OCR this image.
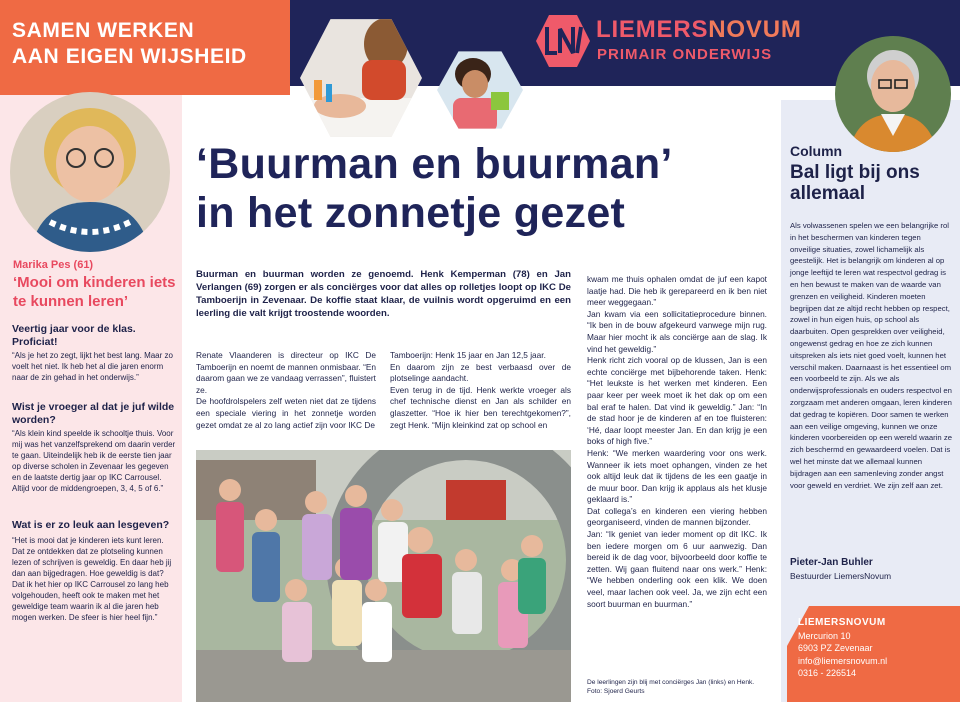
SAMEN WERKEN
AAN EIGEN WIJSHEID
LIEMERSNOVUM
PRIMAIR ONDERWIJS
Marika Pes (61)
‘Mooi om kinderen iets te kunnen leren’
Veertig jaar voor de klas. Proficiat!
“Als je het zo zegt, lijkt het best lang. Maar zo voelt het niet. Ik heb het al die jaren enorm naar de zin gehad in het onderwijs.”
Wist je vroeger al dat je juf wilde worden?
“Als klein kind speelde ik schooltje thuis. Voor mij was het vanzelfsprekend om daarin verder te gaan. Uiteindelijk heb ik de eerste tien jaar op diverse scholen in Zevenaar les gegeven en de laatste dertig jaar op IKC Carrousel. Altijd voor de middengroepen, 3, 4, 5 of 6.”
Wat is er zo leuk aan lesgeven?
“Het is mooi dat je kinderen iets kunt leren. Dat ze ontdekken dat ze plotseling kunnen lezen of schrijven is geweldig. En daar heb jij dan aan bijgedragen. Hoe geweldig is dat? Dat ik het hier op IKC Carrousel zo lang heb volgehouden, heeft ook te maken met het geweldige team waarin ik al die jaren heb mogen werken. De sfeer is hier heel fijn.”
‘Buurman en buurman’
in het zonnetje gezet
Buurman en buurman worden ze genoemd. Henk Kemperman (78) en Jan Verlangen (69) zorgen er als conciërges voor dat alles op rolletjes loopt op IKC De Tamboerijn in Zevenaar. De koffie staat klaar, de vuilnis wordt opgeruimd en een leerling die valt krijgt troostende woorden.
Renate Vlaanderen is directeur op IKC De Tamboerijn en noemt de mannen onmisbaar. “En daarom gaan we ze vandaag verrassen”, fluistert ze.
De hoofdrolspelers zelf weten niet dat ze tijdens een speciale viering in het zonnetje worden gezet omdat ze al zo lang actief zijn voor IKC De
Tamboerijn: Henk 15 jaar en Jan 12,5 jaar.
En daarom zijn ze best verbaasd over de plotselinge aandacht.
Even terug in de tijd. Henk werkte vroeger als chef technische dienst en Jan als schilder en glaszetter. “Hoe ik hier ben terechtgekomen?”, zegt Henk. “Mijn kleinkind zat op school en
kwam me thuis ophalen omdat de juf een kapot laatje had. Die heb ik gerepareerd en ik ben niet meer weggegaan.”
Jan kwam via een sollicitatieprocedure binnen. “Ik ben in de bouw afgekeurd vanwege mijn rug. Maar hier mocht ik als conciërge aan de slag. Ik vind het geweldig.”
Henk richt zich vooral op de klussen, Jan is een echte conciërge met bijbehorende taken. Henk: “Het leukste is het werken met kinderen. Een paar keer per week moet ik het dak op om een bal eraf te halen. Dat vind ik geweldig.” Jan: “In de stad hoor je de kinderen af en toe fluisteren: ‘Hé, daar loopt meester Jan. En dan krijg je een boks of high five.”
Henk: “We merken waardering voor ons werk. Wanneer ik iets moet ophangen, vinden ze het ook altijd leuk dat ik tijdens de les een gaatje in de muur boor. Dan krijg ik applaus als het klusje geklaard is.”
Dat collega’s en kinderen een viering hebben georganiseerd, vinden de mannen bijzonder.
Jan: “Ik geniet van ieder moment op dit IKC. Ik ben iedere morgen om 6 uur aanwezig. Dan bereid ik de dag voor, bijvoorbeeld door koffie te zetten. Wij gaan fluitend naar ons werk.” Henk: “We hebben onderling ook een klik. We doen veel, maar lachen ook veel. Ja, we zijn echt een soort buurman en buurman.”
De leerlingen zijn blij met conciërges Jan (links) en Henk. Foto: Sjoerd Geurts
Column
Bal ligt bij ons allemaal
Als volwassenen spelen we een belangrijke rol in het beschermen van kinderen tegen onveilige situaties, zowel lichamelijk als geestelijk. Het is belangrijk om kinderen al op jonge leeftijd te leren wat respectvol gedrag is en hen bewust te maken van de waarde van grenzen en veiligheid. Kinderen moeten begrijpen dat ze altijd recht hebben op respect, zowel in hun eigen huis, op school als daarbuiten. Open gesprekken over veiligheid, ongewenst gedrag en hoe ze zich kunnen uitspreken als iets niet goed voelt, kunnen het verschil maken. Daarnaast is het essentieel om een voorbeeld te zijn. Als we als onderwijsprofessionals en ouders respectvol en zorgzaam met anderen omgaan, leren kinderen dat gedrag te kopiëren. Door samen te werken aan een veilige omgeving, kunnen we onze kinderen voorbereiden op een wereld waarin ze zich beschermd en gewaardeerd voelen. Dat is wel het minste dat we allemaal kunnen bijdragen aan een samenleving zonder angst voor geweld en verdriet. We zijn zelf aan zet.
Pieter-Jan Buhler
Bestuurder LiemersNovum
LIEMERSNOVUM
Mercurion 10
6903 PZ Zevenaar
info@liemersnovum.nl
0316 - 226514
